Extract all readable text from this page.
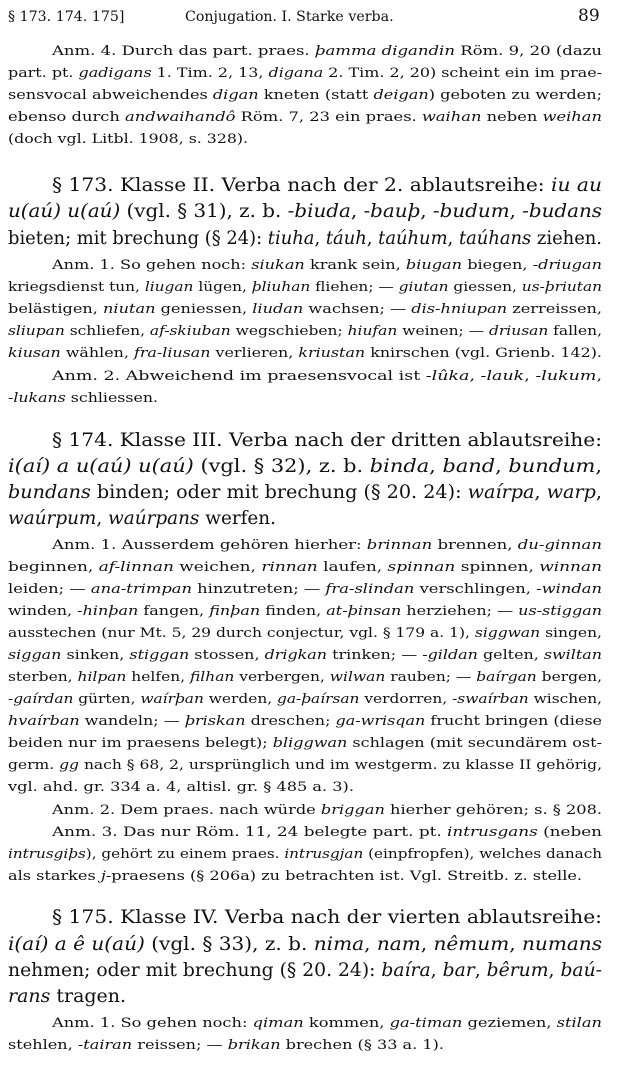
§ 173. 174. 175]	Conjugation. I. Starke verba.	89
Anm. 4. Durch das part. praes. þamma digandin Röm. 9, 20 (dazu
part. pt. gadigans 1. Tim. 2, 13, digana 2. Tim. 2, 20) scheint ein im prae-
sensvocal abweichendes digan kneten (statt deigan) geboten zu werden;
ebenso durch andwaihandô Röm. 7, 23 ein praes. waihan neben weihan
(doch vgl. Litbl. 1908, s. 328).
§ 173. Klasse II. Verba nach der 2. ablautsreihe: iu au
u(aú) u(aú) (vgl. § 31), z. b. -biuda, -bauþ, -budum, -budans
bieten; mit brechung (§ 24): tiuha, táuh, taúhum, taúhans ziehen.
Anm. 1. So gehen noch: siukan krank sein, biugan biegen, -driugan
kriegsdienst tun, liugan lügen, þliuhan fliehen; — giutan giessen, us-þriutan
belästigen, niutan geniessen, liudan wachsen; — dis-hniupan zerreissen,
sliupan schliefen, af-skiuban wegschieben; hiufan weinen; — driusan fallen,
kiusan wählen, fra-liusan verlieren, kriustan knirschen (vgl. Grienb. 142).
Anm. 2. Abweichend im praesensvocal ist -lûka, -lauk, -lukum,
-lukans schliessen.
§ 174. Klasse III. Verba nach der dritten ablautsreihe:
i(aí) a u(aú) u(aú) (vgl. § 32), z. b. binda, band, bundum,
bundans binden; oder mit brechung (§ 20. 24): waírpa, warp,
waúrpum, waúrpans werfen.
Anm. 1. Ausserdem gehören hierher: brinnan brennen, du-ginnan
beginnen, af-linnan weichen, rinnan laufen, spinnan spinnen, winnan
leiden; — ana-trimpan hinzutreten; — fra-slindan verschlingen, -windan
winden, -hinþan fangen, finþan finden, at-þinsan herziehen; — us-stiggan
ausstechen (nur Mt. 5, 29 durch conjectur, vgl. § 179 a. 1), siggwan singen,
siggan sinken, stiggan stossen, drigkan trinken; — -gildan gelten, swiltan
sterben, hilpan helfen, filhan verbergen, wilwan rauben; — baírgan bergen,
-gaírdan gürten, waírþan werden, ga-þaírsan verdorren, -swaírban wischen,
hvaírban wandeln; — þriskan dreschen; ga-wrisqan frucht bringen (diese
beiden nur im praesens belegt); bliggwan schlagen (mit secundärem ost-
germ. gg nach § 68, 2, ursprünglich und im westgerm. zu klasse II gehörig,
vgl. ahd. gr. 334 a. 4, altisl. gr. § 485 a. 3).
Anm. 2. Dem praes. nach würde briggan hierher gehören; s. § 208.
Anm. 3. Das nur Röm. 11, 24 belegte part. pt. intrusgans (neben
intrusgiþs), gehört zu einem praes. intrusgjan (einpfropfen), welches danach
als starkes j-praesens (§ 206a) zu betrachten ist. Vgl. Streitb. z. stelle.
§ 175. Klasse IV. Verba nach der vierten ablautsreihe:
i(aí) a ê u(aú) (vgl. § 33), z. b. nima, nam, nêmum, numans
nehmen; oder mit brechung (§ 20. 24): baíra, bar, bêrum, baú-
rans tragen.
Anm. 1. So gehen noch: qiman kommen, ga-timan geziemen, stilan
stehlen, -tairan reissen; — brikan brechen (§ 33 a. 1).
